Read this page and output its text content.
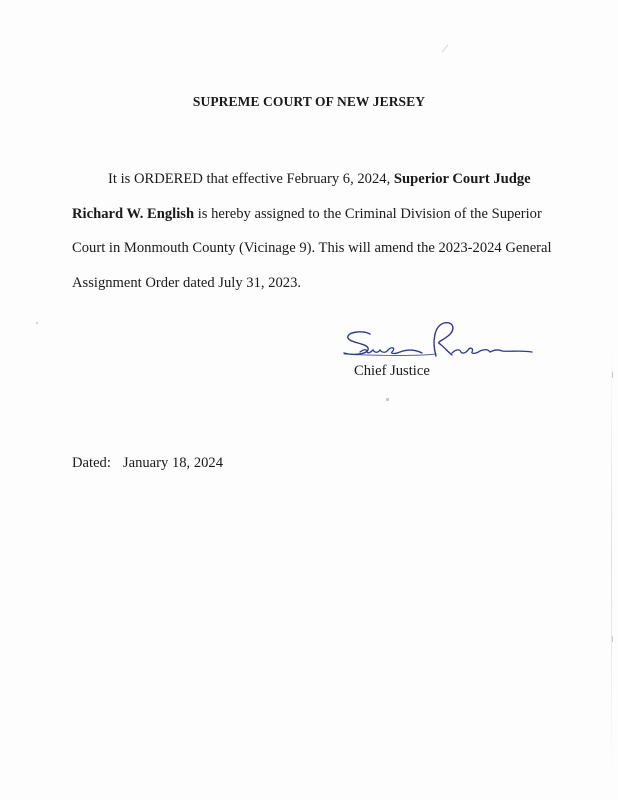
SUPREME COURT OF NEW JERSEY
It is ORDERED that effective February 6, 2024, Superior Court Judge
Richard W. English is hereby assigned to the Criminal Division of the Superior
Court in Monmouth County (Vicinage 9). This will amend the 2023-2024 General
Assignment Order dated July 31, 2023.
Chief Justice
Dated: January 18, 2024
